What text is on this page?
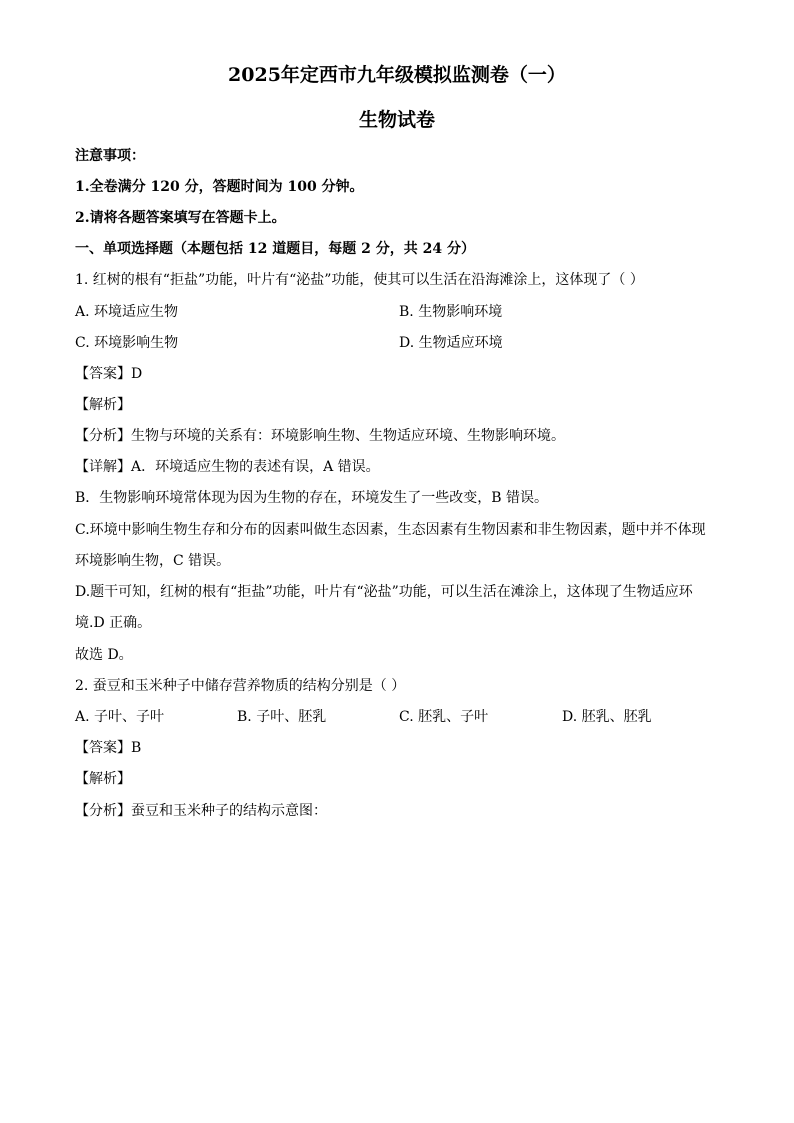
2025年定西市九年级模拟监测卷（一）
生物试卷
注意事项：
1.全卷满分 120 分，答题时间为 100 分钟。
2.请将各题答案填写在答题卡上。
一、单项选择题（本题包括 12 道题目，每题 2 分，共 24 分）
1. 红树的根有“拒盐”功能，叶片有“泌盐”功能，使其可以生活在沿海滩涂上，这体现了（ ）
A. 环境适应生物	B. 生物影响环境
C. 环境影响生物	D. 生物适应环境
【答案】D
【解析】
【分析】生物与环境的关系有：环境影响生物、生物适应环境、生物影响环境。
【详解】A．环境适应生物的表述有误，A 错误。
B．生物影响环境常体现为因为生物的存在，环境发生了一些改变，B 错误。
C.环境中影响生物生存和分布的因素叫做生态因素，生态因素有生物因素和非生物因素，题中并不体现
环境影响生物，C 错误。
D.题干可知，红树的根有“拒盐”功能，叶片有“泌盐”功能，可以生活在滩涂上，这体现了生物适应环
境.D 正确。
故选 D。
2. 蚕豆和玉米种子中储存营养物质的结构分别是（ ）
A. 子叶、子叶	B. 子叶、胚乳	C. 胚乳、子叶	D. 胚乳、胚乳
【答案】B
【解析】
【分析】蚕豆和玉米种子的结构示意图：
